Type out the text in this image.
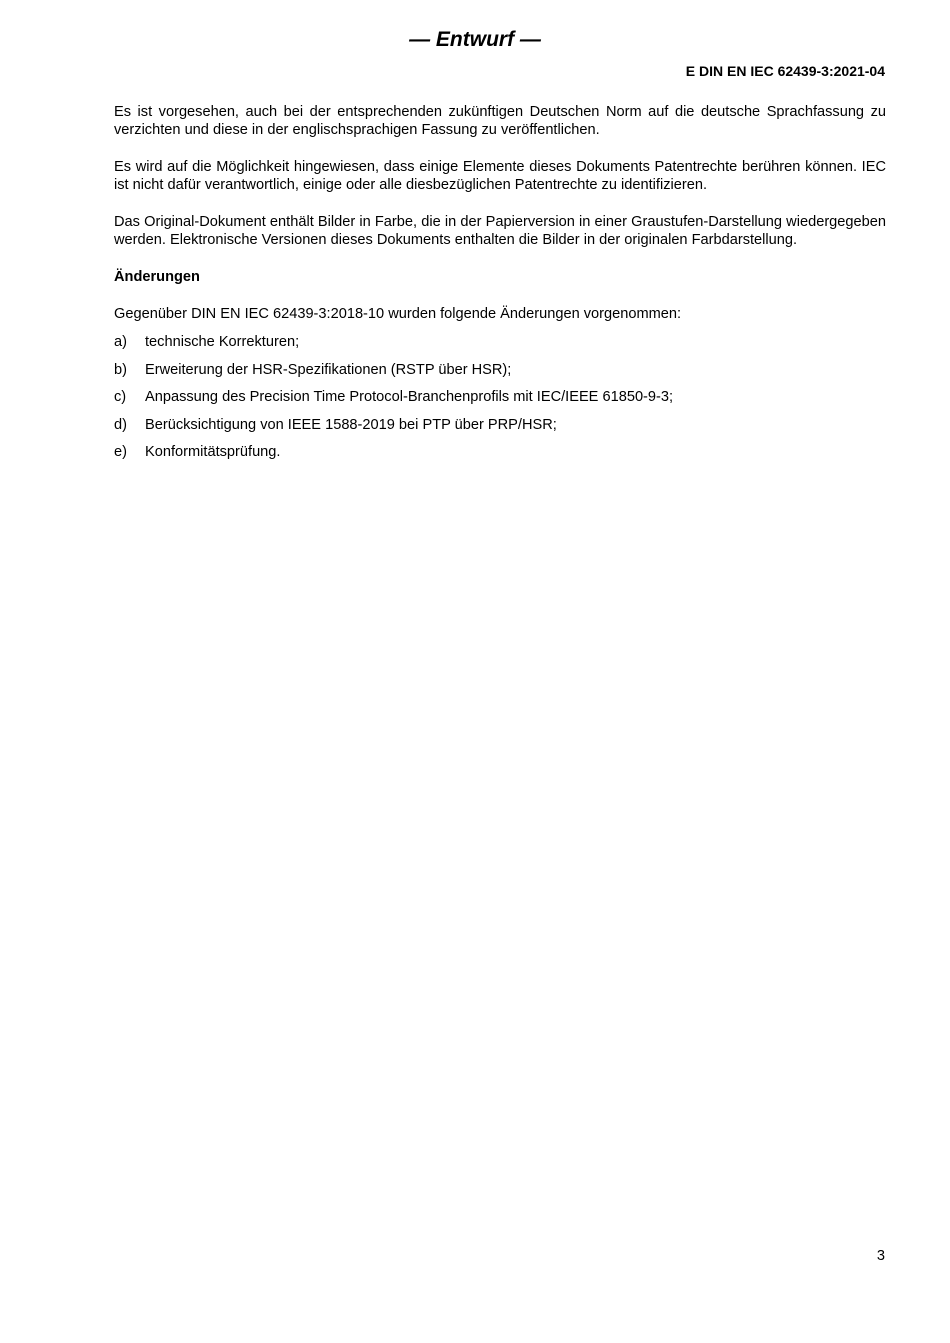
— Entwurf —
E DIN EN IEC 62439-3:2021-04

Es ist vorgesehen, auch bei der entsprechenden zukünftigen Deutschen Norm auf die deutsche Sprachfassung zu verzichten und diese in der englischsprachigen Fassung zu veröffentlichen.

Es wird auf die Möglichkeit hingewiesen, dass einige Elemente dieses Dokuments Patentrechte berühren können. IEC ist nicht dafür verantwortlich, einige oder alle diesbezüglichen Patentrechte zu identifizieren.

Das Original-Dokument enthält Bilder in Farbe, die in der Papierversion in einer Graustufen-Darstellung wiedergegeben werden. Elektronische Versionen dieses Dokuments enthalten die Bilder in der originalen Farbdarstellung.

Änderungen
Gegenüber DIN EN IEC 62439-3:2018-10 wurden folgende Änderungen vorgenommen:
a)	technische Korrekturen;
b)	Erweiterung der HSR-Spezifikationen (RSTP über HSR);
c)	Anpassung des Precision Time Protocol-Branchenprofils mit IEC/IEEE 61850-9-3;
d)	Berücksichtigung von IEEE 1588-2019 bei PTP über PRP/HSR;
e)	Konformitätsprüfung.
3
